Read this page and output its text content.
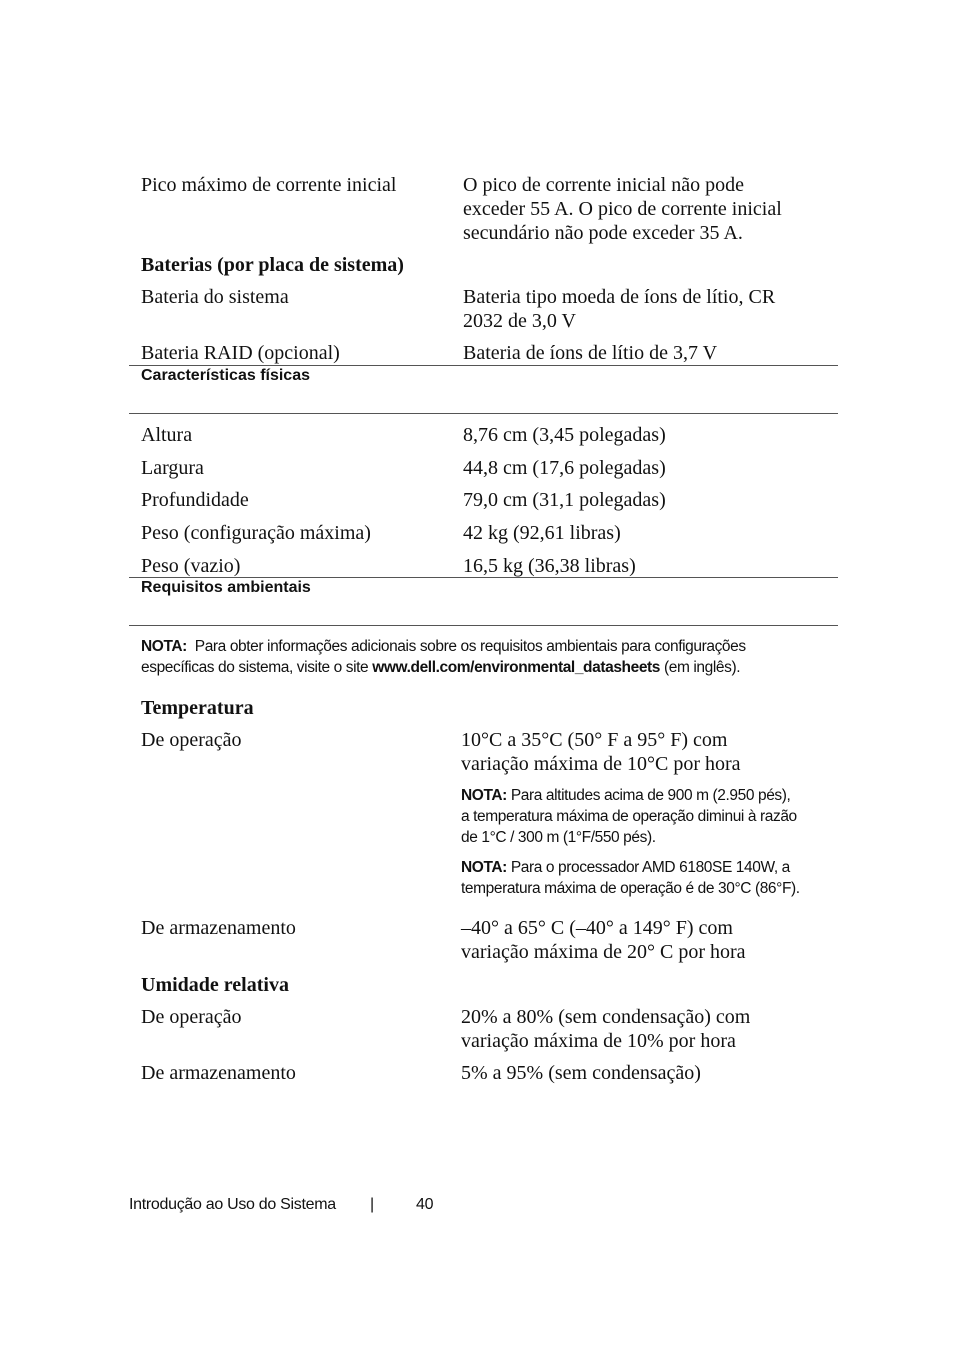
Pico máximo de corrente inicial	O pico de corrente inicial não pode
exceder 55 A. O pico de corrente inicial
secundário não pode exceder 35 A.
Baterias (por placa de sistema)
Bateria do sistema	Bateria tipo moeda de íons de lítio, CR
2032 de 3,0 V
Bateria RAID (opcional)	Bateria de íons de lítio de 3,7 V
Características físicas
Altura	8,76 cm (3,45 polegadas)
Largura	44,8 cm (17,6 polegadas)
Profundidade	79,0 cm (31,1 polegadas)
Peso (configuração máxima)	42 kg (92,61 libras)
Peso (vazio)	16,5 kg (36,38 libras)
Requisitos ambientais
NOTA: Para obter informações adicionais sobre os requisitos ambientais para configurações
específicas do sistema, visite o site www.dell.com/environmental_datasheets (em inglês).
Temperatura
De operação	10°C a 35°C (50° F a 95° F) com
variação máxima de 10°C por hora
NOTA: Para altitudes acima de 900 m (2.950 pés),
a temperatura máxima de operação diminui à razão
de 1°C / 300 m (1°F/550 pés).
NOTA: Para o processador AMD 6180SE 140W, a
temperatura máxima de operação é de 30°C (86°F).
De armazenamento	–40° a 65° C (–40° a 149° F) com
variação máxima de 20° C por hora
Umidade relativa
De operação	20% a 80% (sem condensação) com
variação máxima de 10% por hora
De armazenamento	5% a 95% (sem condensação)
Introdução ao Uso do Sistema |	40
